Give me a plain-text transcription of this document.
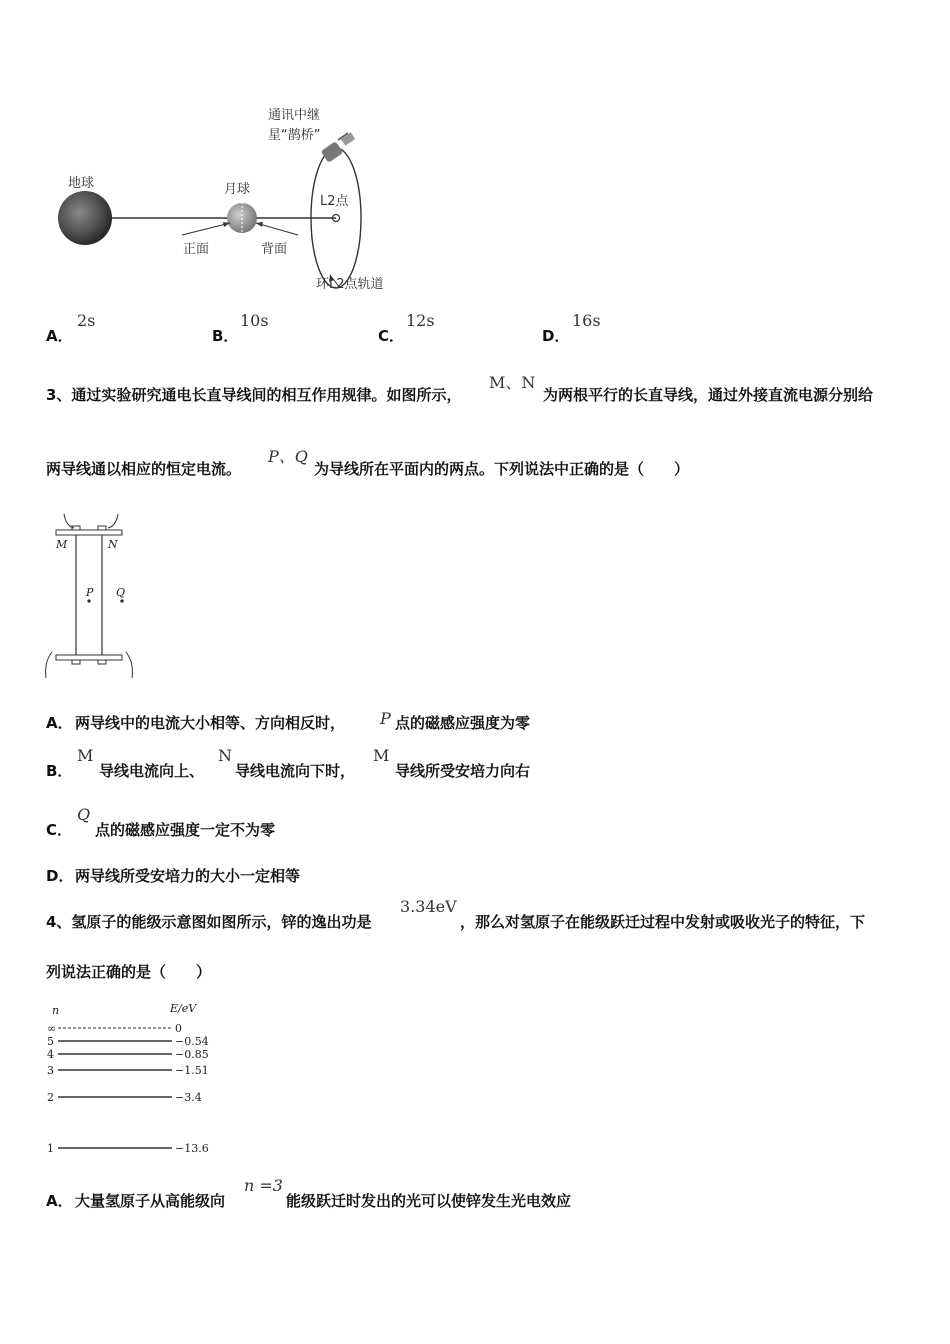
地球	月球
通讯中继
星“鹊桥”
L2点
正面	背面
环L2点轨道
A．
2s
B．
10s
C．
12s
D．
16s
3、通过实验研究通电长直导线间的相互作用规律。如图所示，
M、N
为两根平行的长直导线，通过外接直流电源分别给
两导线通以相应的恒定电流。
P、Q
为导线所在平面内的两点。下列说法中正确的是（　　）
M	N
P Q
A． 两导线中的电流大小相等、方向相反时， P 点的磁感应强度为零
B．
M
导线电流向上、
N
导线电流向下时，
M
导线所受安培力向右
C．
Q
点的磁感应强度一定不为零
D． 两导线所受安培力的大小一定相等
4、氢原子的能级示意图如图所示，锌的逸出功是
3.34eV
，那么对氢原子在能级跃迁过程中发射或吸收光子的特征，下
列说法正确的是（　　）
n	E/eV
∞	0
5	−0.54
4	−0.85
3	−1.51
2	−3.4
1	−13.6
A． 大量氢原子从高能级向
n =3
能级跃迁时发出的光可以使锌发生光电效应
